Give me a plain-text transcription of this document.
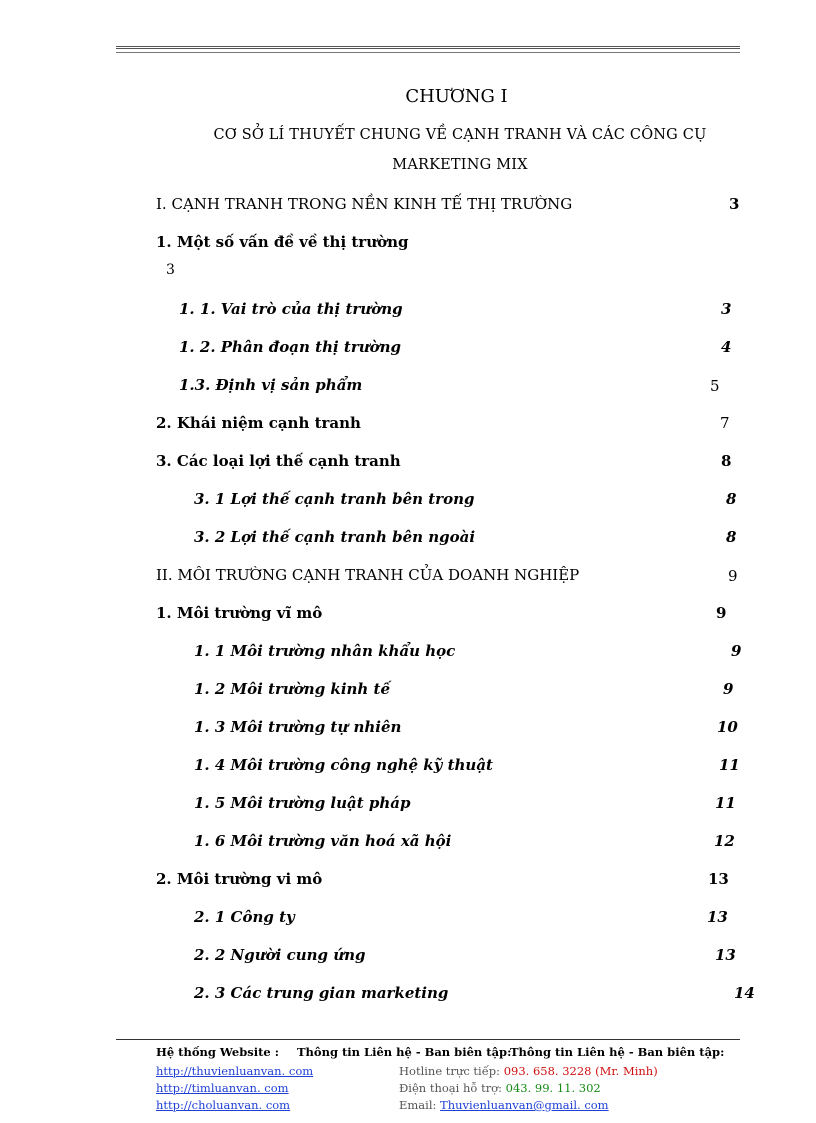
CHƯƠNG I
CƠ SỞ LÍ THUYẾT CHUNG VỀ CẠNH TRANH VÀ CÁC CÔNG CỤ
MARKETING MIX
I. CẠNH TRANH TRONG NỀN KINH TẾ THỊ TRƯỜNG	3
1. Một số vấn đề về thị trường
3
1. 1. Vai trò của thị trường	3
1. 2. Phân đoạn thị trường	4
1.3. Định vị sản phẩm	5
2. Khái niệm cạnh tranh	7
3. Các loại lợi thế cạnh tranh	8
3. 1 Lợi thế cạnh tranh bên trong	8
3. 2 Lợi thế cạnh tranh bên ngoài	8
II. MÔI TRƯỜNG CẠNH TRANH CỦA DOANH NGHIỆP	9
1. Môi trường vĩ mô	9
1. 1 Môi trường nhân khẩu học	9
1. 2 Môi trường kinh tế	9
1. 3 Môi trường tự nhiên	10
1. 4 Môi trường công nghệ kỹ thuật	11
1. 5 Môi trường luật pháp	11
1. 6 Môi trường văn hoá xã hội	12
2. Môi trường vi mô	13
2. 1 Công ty	13
2. 2 Người cung ứng	13
2. 3 Các trung gian marketing	14
Hệ thống Website : Thông tin Liên hệ - Ban biên tập:
Thông tin Liên hệ - Ban biên tập:
http://thuvienluanvan. com
http://timluanvan. com
http://choluanvan. com
Hotline trực tiếp: 093. 658. 3228 (Mr. Minh)
Điện thoại hỗ trợ: 043. 99. 11. 302
Email: Thuvienluanvan@gmail. com
